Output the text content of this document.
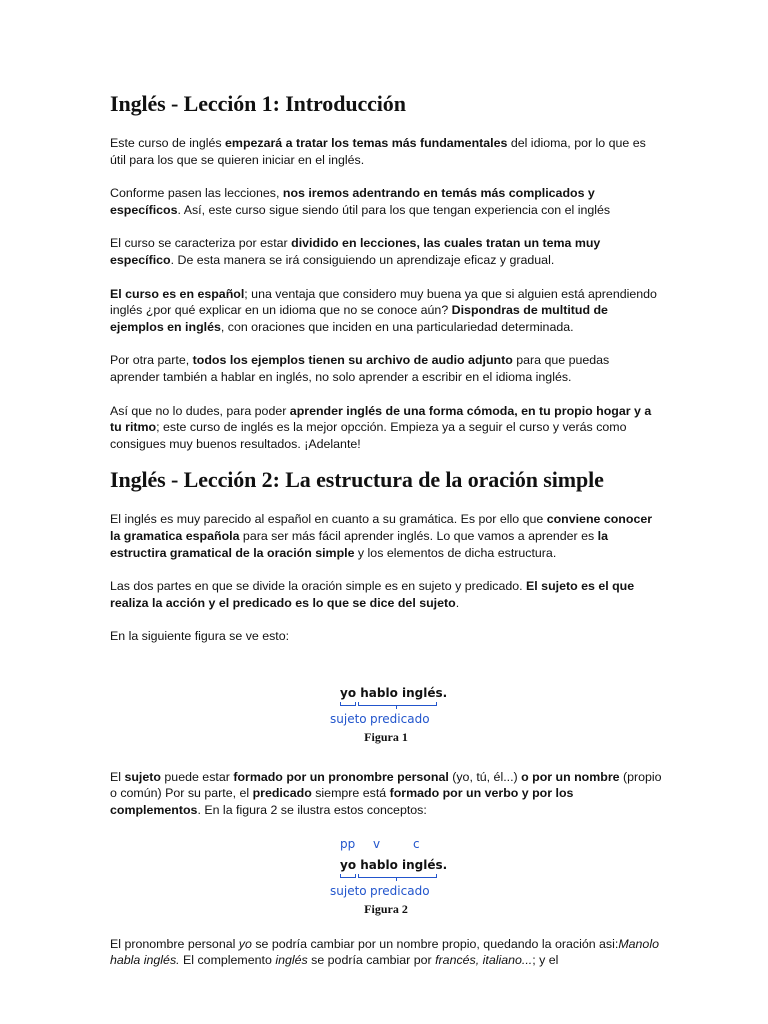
Inglés - Lección 1: Introducción

Este curso de inglés empezará a tratar los temas más fundamentales del idioma, por lo que es útil para los que se quieren iniciar en el inglés.

Conforme pasen las lecciones, nos iremos adentrando en temás más complicados y específicos. Así, este curso sigue siendo útil para los que tengan experiencia con el inglés

El curso se caracteriza por estar dividido en lecciones, las cuales tratan un tema muy específico. De esta manera se irá consiguiendo un aprendizaje eficaz y gradual.

El curso es en español; una ventaja que considero muy buena ya que si alguien está aprendiendo inglés ¿por qué explicar en un idioma que no se conoce aún? Dispondras de multitud de ejemplos en inglés, con oraciones que inciden en una particulariedad determinada.

Por otra parte, todos los ejemplos tienen su archivo de audio adjunto para que puedas aprender también a hablar en inglés, no solo aprender a escribir en el idioma inglés.

Así que no lo dudes, para poder aprender inglés de una forma cómoda, en tu propio hogar y a tu ritmo; este curso de inglés es la mejor opcción. Empieza ya a seguir el curso y verás como consigues muy buenos resultados. ¡Adelante!

Inglés - Lección 2: La estructura de la oración simple

El inglés es muy parecido al español en cuanto a su gramática. Es por ello que conviene conocer la gramatica española para ser más fácil aprender inglés. Lo que vamos a aprender es la estructira gramatical de la oración simple y los elementos de dicha estructura.

Las dos partes en que se divide la oración simple es en sujeto y predicado. El sujeto es el que realiza la acción y el predicado es lo que se dice del sujeto.

En la siguiente figura se ve esto:

yo hablo inglés.
sujeto predicado
Figura 1

El sujeto puede estar formado por un pronombre personal (yo, tú, él...) o por un nombre (propio o común) Por su parte, el predicado siempre está formado por un verbo y por los complementos. En la figura 2 se ilustra estos conceptos:

pp v	c
yo hablo inglés.
sujeto predicado
Figura 2

El pronombre personal yo se podría cambiar por un nombre propio, quedando la oración asi:Manolo habla inglés. El complemento inglés se podría cambiar por francés, italiano...; y el
